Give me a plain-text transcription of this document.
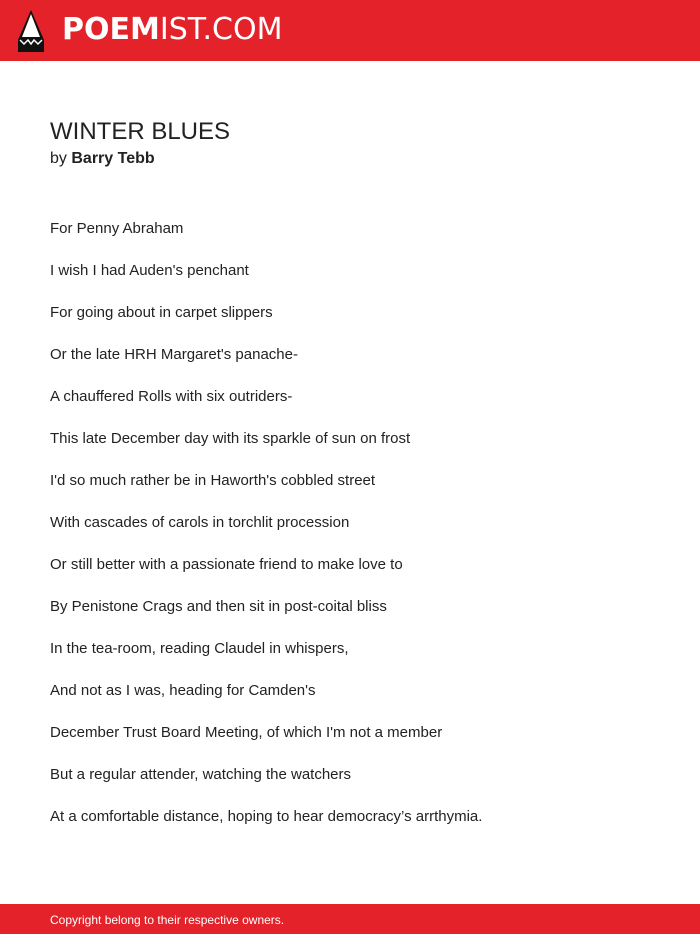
POEMIST.COM
WINTER BLUES
by Barry Tebb
For Penny Abraham
I wish I had Auden's penchant
For going about in carpet slippers
Or the late HRH Margaret's panache-
A chauffered Rolls with six outriders-
This late December day with its sparkle of sun on frost
I'd so much rather be in Haworth's cobbled street
With cascades of carols in torchlit procession
Or still better with a passionate friend to make love to
By Penistone Crags and then sit in post-coital bliss
In the tea-room, reading Claudel in whispers,
And not as I was, heading for Camden's
December Trust Board Meeting, of which I'm not a member
But a regular attender, watching the watchers
At a comfortable distance, hoping to hear democracy’s arrthymia.
Copyright belong to their respective owners.
